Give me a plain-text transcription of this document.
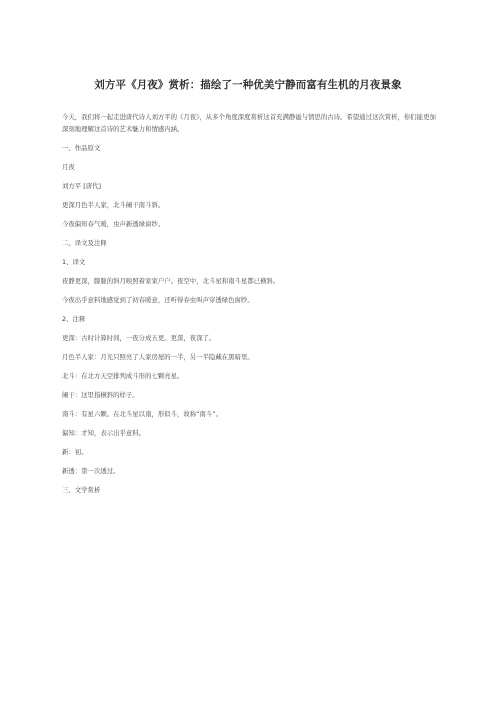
刘方平《月夜》赏析：描绘了一种优美宁静而富有生机的月夜景象
今天，我们将一起走进唐代诗人刘方平的《月夜》，从多个角度深度赏析这首充满静谧与情思的古诗。希望通过这次赏析，你们能更加深刻地理解这首诗的艺术魅力和情感内涵。
一、作品原文
月夜
刘方平 [唐代]
更深月色半人家，北斗阑干南斗斜。
今夜偏知春气暖，虫声新透绿窗纱。
二、译文及注释
1、译文
夜静更深，朦胧的斜月映照着家家户户。夜空中，北斗星和南斗星都已横斜。
今夜出乎意料地感觉到了初春暖意，还听得春虫叫声穿透绿色窗纱。
2、注释
更深：古时计算时间，一夜分成五更。更深，夜深了。
月色半人家：月光只照亮了人家房屋的一半，另一半隐藏在黑暗里。
北斗：在北方天空排列成斗形的七颗亮星。
阑干：这里指横斜的样子。
南斗：有星六颗。在北斗星以南，形似斗，故称“南斗”。
偏知：才知，表示出乎意料。
新：初。
新透：第一次透过。
三、文学赏析
